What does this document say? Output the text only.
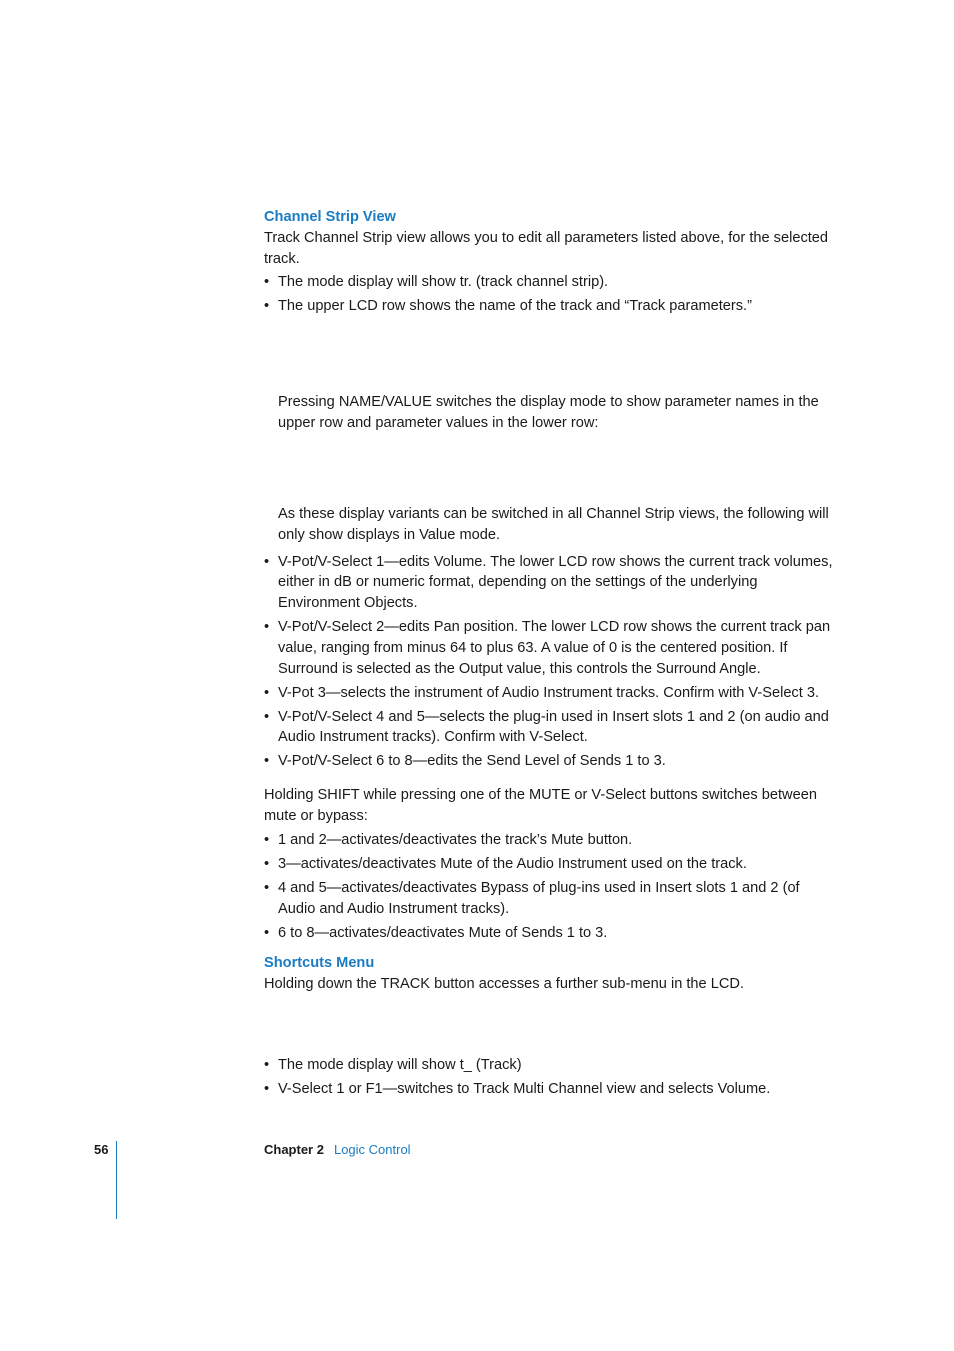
Channel Strip View

Track Channel Strip view allows you to edit all parameters listed above, for the selected track.

• The mode display will show tr. (track channel strip).
• The upper LCD row shows the name of the track and “Track parameters.”

Pressing NAME/VALUE switches the display mode to show parameter names in the upper row and parameter values in the lower row:

As these display variants can be switched in all Channel Strip views, the following will only show displays in Value mode.

• V-Pot/V-Select 1—edits Volume. The lower LCD row shows the current track volumes, either in dB or numeric format, depending on the settings of the underlying Environment Objects.
• V-Pot/V-Select 2—edits Pan position. The lower LCD row shows the current track pan value, ranging from minus 64 to plus 63. A value of 0 is the centered position. If Surround is selected as the Output value, this controls the Surround Angle.
• V-Pot 3—selects the instrument of Audio Instrument tracks. Confirm with V-Select 3.
• V-Pot/V-Select 4 and 5—selects the plug-in used in Insert slots 1 and 2 (on audio and Audio Instrument tracks). Confirm with V-Select.
• V-Pot/V-Select 6 to 8—edits the Send Level of Sends 1 to 3.

Holding SHIFT while pressing one of the MUTE or V-Select buttons switches between mute or bypass:

• 1 and 2—activates/deactivates the track’s Mute button.
• 3—activates/deactivates Mute of the Audio Instrument used on the track.
• 4 and 5—activates/deactivates Bypass of plug-ins used in Insert slots 1 and 2 (of Audio and Audio Instrument tracks).
• 6 to 8—activates/deactivates Mute of Sends 1 to 3.
Shortcuts Menu

Holding down the TRACK button accesses a further sub-menu in the LCD.

• The mode display will show t_ (Track)
• V-Select 1 or F1—switches to Track Multi Channel view and selects Volume.
56	Chapter 2 Logic Control
